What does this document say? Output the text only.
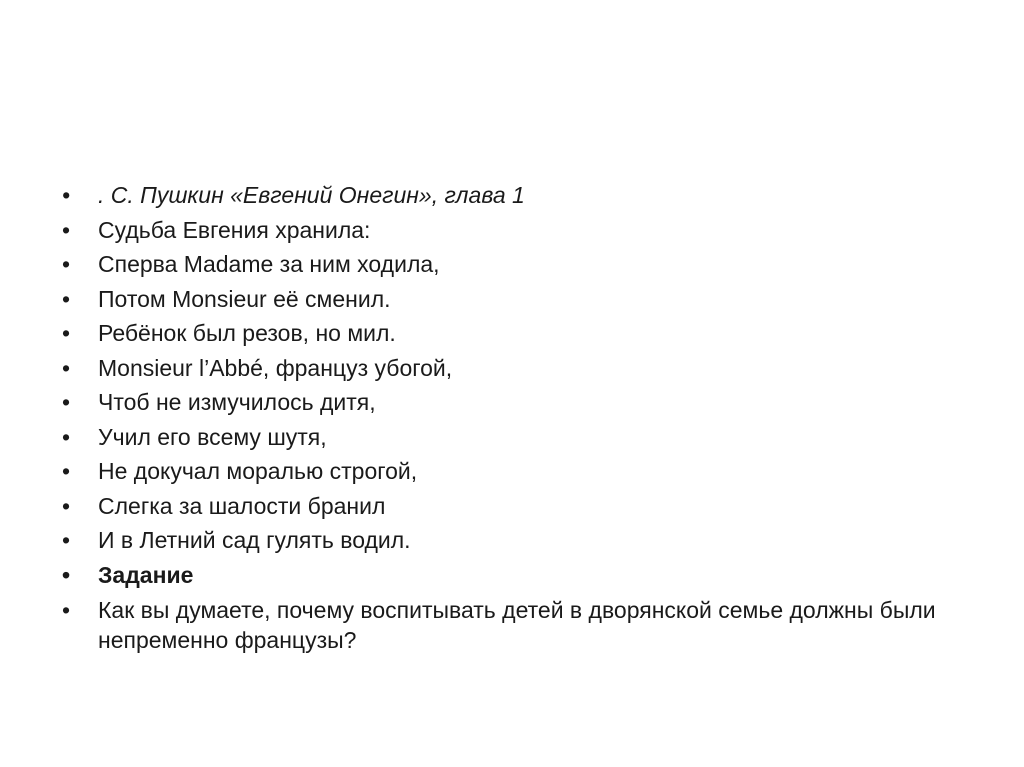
• . С. Пушкин «Евгений Онегин», глава 1
• Судьба Евгения хранила:
• Сперва Madame за ним ходила,
• Потом Monsieur её сменил.
• Ребёнок был резов, но мил.
• Monsieur l’Abbé, француз убогой,
• Чтоб не измучилось дитя,
• Учил его всему шутя,
• Не докучал моралью строгой,
• Слегка за шалости бранил
• И в Летний сад гулять водил.
• Задание
• Как вы думаете, почему воспитывать детей в дворянской семье должны были непременно французы?
